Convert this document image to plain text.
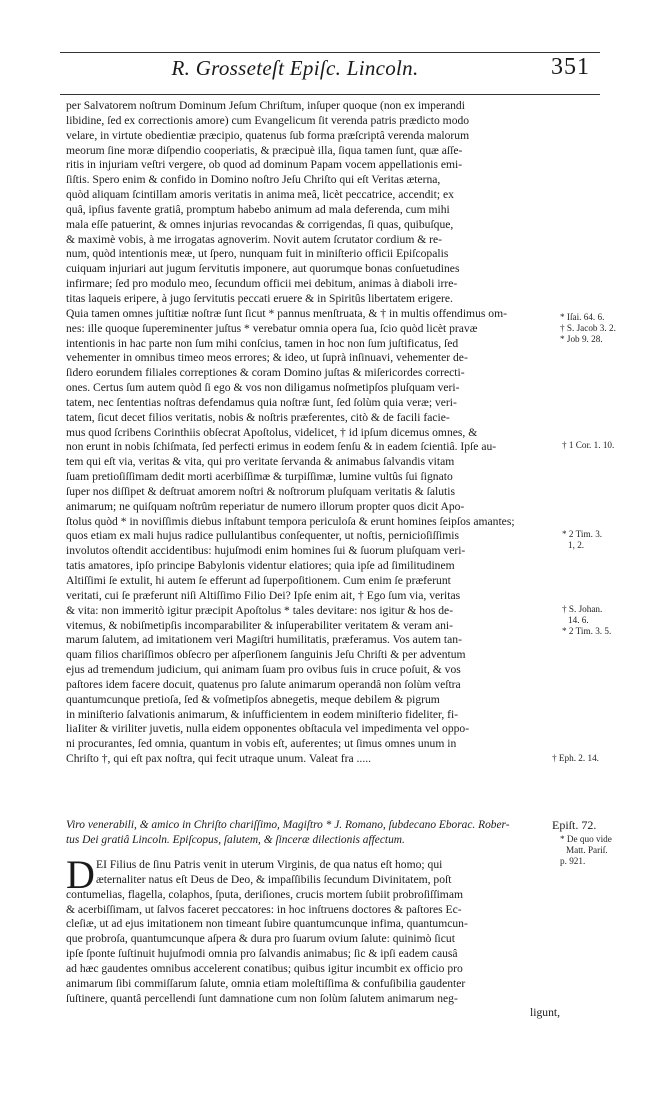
R. Grosseteſt Epiſc. Lincoln.	351
per Salvatorem noſtrum Dominum Jeſum Chriſtum, inſuper quoque (non ex imperandi
libidine, ſed ex correctionis amore) cum Evangelicum ſit verenda patris prædicto modo
velare, in virtute obedientiæ præcipio, quatenus ſub forma præſcriptâ verenda malorum
meorum ſine moræ diſpendio cooperiatis, & præcipuè illa, ſiqua tamen ſunt, quæ aſſe-
ritis in injuriam veſtri vergere, ob quod ad dominum Papam vocem appellationis emi-
ſiſtis. Spero enim & confido in Domino noſtro Jeſu Chriſto qui eſt Veritas æterna,
quòd aliquam ſcintillam amoris veritatis in anima meâ, licèt peccatrice, accendit; ex
quâ, ipſius favente gratiâ, promptum habebo animum ad mala deferenda, cum mihi
mala eſſe patuerint, & omnes injurias revocandas & corrigendas, ſi quas, quibuſque,
& maximè vobis, à me irrogatas agnoverim. Novit autem ſcrutator cordium & re-
num, quòd intentionis meæ, ut ſpero, nunquam fuit in miniſterio officii Epiſcopalis
cuiquam injuriari aut jugum ſervitutis imponere, aut quorumque bonas conſuetudines
infirmare; ſed pro modulo meo, ſecundum officii mei debitum, animas à diaboli irre-
titas laqueis eripere, à jugo ſervitutis peccati eruere & in Spiritûs libertatem erigere.
Quia tamen omnes juſtitiæ noſtræ ſunt ſicut * pannus menſtruata, & † in multis offendimus om-
nes: ille quoque ſupereminenter juſtus * verebatur omnia opera ſua, ſcio quòd licèt pravæ
intentionis in hac parte non ſum mihi conſcius, tamen in hoc non ſum juſtificatus, ſed
vehementer in omnibus timeo meos errores; & ideo, ut ſuprà inſinuavi, vehementer de-
ſidero eorundem filiales correptiones & coram Domino juſtas & miſericordes correcti-
ones. Certus ſum autem quòd ſi ego & vos non diligamus noſmetipſos pluſquam veri-
tatem, nec ſententias noſtras defendamus quia noſtræ ſunt, ſed ſolùm quia veræ; veri-
tatem, ſicut decet filios veritatis, nobis & noſtris præferentes, citò & de facili facie-
mus quod ſcribens Corinthiis obſecrat Apoſtolus, videlicet, † id ipſum dicemus omnes, &
non erunt in nobis ſchiſmata, ſed perfecti erimus in eodem ſenſu & in eadem ſcientiâ. Ipſe au-
tem qui eſt via, veritas & vita, qui pro veritate ſervanda & animabus ſalvandis vitam
ſuam pretioſiſſimam dedit morti acerbiſſimæ & turpiſſimæ, lumine vultûs ſui ſignato
ſuper nos diſſipet & deſtruat amorem noſtri & noſtrorum pluſquam veritatis & ſalutis
animarum; ne quiſquam noſtrûm reperiatur de numero illorum propter quos dicit Apo-
ſtolus quòd * in noviſſimis diebus inſtabunt tempora periculoſa & erunt homines ſeipſos amantes;
quos etiam ex mali hujus radice pullulantibus conſequenter, ut noſtis, pernicioſiſſimis
involutos oſtendit accidentibus: hujuſmodi enim homines ſui & ſuorum pluſquam veri-
tatis amatores, ipſo principe Babylonis videntur elatiores; quia ipſe ad ſimilitudinem
Altiſſimi ſe extulit, hi autem ſe efferunt ad ſuperpoſitionem. Cum enim ſe præferunt
veritati, cui ſe præferunt niſi Altiſſimo Filio Dei? Ipſe enim ait, † Ego ſum via, veritas
& vita: non immeritò igitur præcipit Apoſtolus * tales devitare: nos igitur & hos de-
vitemus, & nobiſmetipſis incomparabiliter & inſuperabiliter veritatem & veram ani-
marum ſalutem, ad imitationem veri Magiſtri humilitatis, præferamus. Vos autem tan-
quam filios chariſſimos obſecro per aſperſionem ſanguinis Jeſu Chriſti & per adventum
ejus ad tremendum judicium, qui animam ſuam pro ovibus ſuis in cruce poſuit, & vos
paſtores idem facere docuit, quatenus pro ſalute animarum operandâ non ſolùm veſtra
quantumcunque pretioſa, ſed & voſmetipſos abnegetis, meque debilem & pigrum
in miniſterio ſalvationis animarum, & inſufficientem in eodem miniſterio fideliter, fi-
liaIiter & viriliter juvetis, nulla eidem opponentes obſtacula vel impedimenta vel oppo-
ni procurantes, ſed omnia, quantum in vobis eſt, auferentes; ut ſimus omnes unum in
Chriſto †, qui eſt pax noſtra, qui fecit utraque unum. Valeat fra .....
* Iſai. 64. 6.
† S. Jacob 3. 2.
* Job 9. 28.
† 1 Cor. 1. 10.
* 2 Tim. 3.
1, 2.
† S. Johan.
14. 6.
* 2 Tim. 3. 5.
† Eph. 2. 14.
Viro venerabili, & amico in Chriſto chariſſimo, Magiſtro * J. Romano, ſubdecano Eborac. Rober-
tus Dei gratiâ Lincoln. Epiſcopus, ſalutem, & ſinceræ dilectionis affectum.
Epiſt. 72.
* De quo vide
Matt. Pariſ.
p. 921.
D EI Filius de ſinu Patris venit in uterum Virginis, de qua natus eſt homo; qui
æternaliter natus eſt Deus de Deo, & impaſſibilis ſecundum Divinitatem, poſt
contumelias, flagella, colaphos, ſputa, deriſiones, crucis mortem ſubiit probroſiſſimam
& acerbiſſimam, ut ſalvos faceret peccatores: in hoc inſtruens doctores & paſtores Ec-
cleſiæ, ut ad ejus imitationem non timeant ſubire quantumcunque infima, quantumcun-
que probroſa, quantumcunque aſpera & dura pro ſuarum ovium ſalute: quinimò ſicut
ipſe ſponte ſuſtinuit hujuſmodi omnia pro ſalvandis animabus; ſic & ipſi eadem causâ
ad hæc gaudentes omnibus accelerent conatibus; quibus igitur incumbit ex officio pro
animarum ſibi commiſſarum ſalute, omnia etiam moleſtiſſima & confuſibilia gaudenter
ſuſtinere, quantâ percellendi ſunt damnatione cum non ſolùm ſalutem animarum neg-
ligunt,
